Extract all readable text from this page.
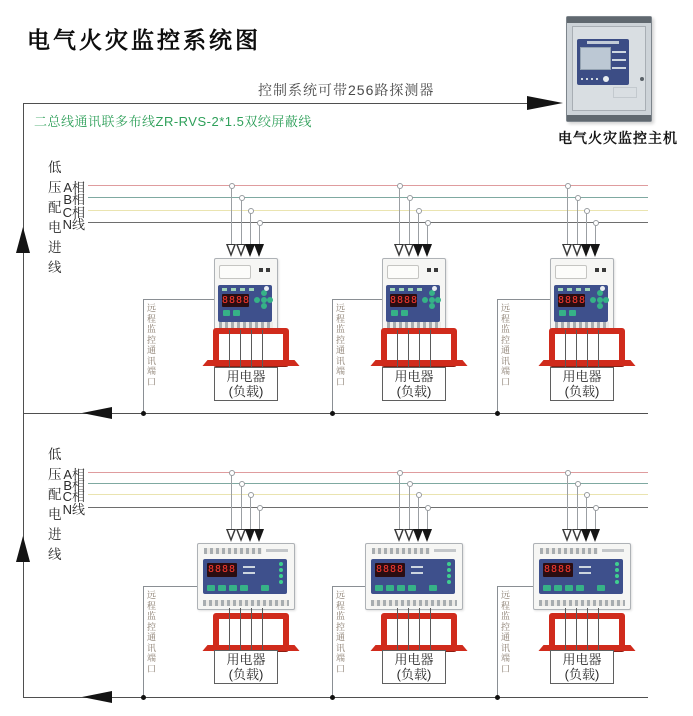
电气火灾监控系统图
电气火灾监控主机
控制系统可带256路探测器
二总线通讯联多布线ZR-RVS-2*1.5双绞屏蔽线
低压配电进线
A相
B相
C相
N线
低压配电进线
A相
B相
C相
N线
8888
用电器
(负载)
远程监控
通讯端口
8888
用电器
(负载)
远程监控
通讯端口
8888
用电器
(负载)
远程监控
通讯端口
8888
用电器
(负载)
远程监控
通讯端口
8888
用电器
(负载)
远程监控
通讯端口
8888
用电器
(负载)
远程监控
通讯端口
